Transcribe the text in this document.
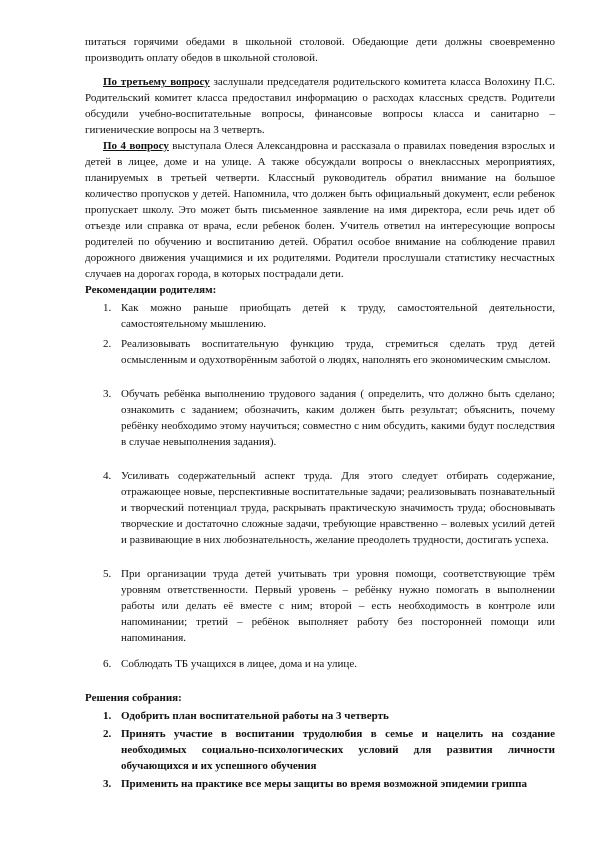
питаться горячими обедами в школьной столовой. Обедающие дети должны своевременно производить оплату обедов в школьной столовой.

По третьему вопросу заслушали председателя родительского комитета класса Волохину П.С. Родительский комитет класса предоставил информацию о расходах классных средств. Родители обсудили учебно-воспитательные вопросы, финансовые вопросы класса и санитарно – гигиенические вопросы на 3 четверть.

По 4 вопросу выступала Олеся Александровна и рассказала о правилах поведения взрослых и детей в лицее, доме и на улице. А также обсуждали вопросы о внеклассных мероприятиях, планируемых в третьей четверти. Классный руководитель обратил внимание на большое количество пропусков у детей. Напомнила, что должен быть официальный документ, если ребенок пропускает школу. Это может быть письменное заявление на имя директора, если речь идет об отъезде или справка от врача, если ребенок болен. Учитель ответил на интересующие вопросы родителей по обучению и воспитанию детей. Обратил особое внимание на соблюдение правил дорожного движения учащимися и их родителями. Родители прослушали статистику несчастных случаев на дорогах города, в которых пострадали дети.

Рекомендации родителям:

1. Как можно раньше приобщать детей к труду, самостоятельной деятельности, самостоятельному мышлению.
2. Реализовывать воспитательную функцию труда, стремиться сделать труд детей осмысленным и одухотворённым заботой о людях, наполнять его экономическим смыслом.
3. Обучать ребёнка выполнению трудового задания ( определить, что должно быть сделано; ознакомить с заданием; обозначить, каким должен быть результат; объяснить, почему ребёнку необходимо этому научиться; совместно с ним обсудить, какими будут последствия в случае невыполнения задания).
4. Усиливать содержательный аспект труда. Для этого следует отбирать содержание, отражающее новые, перспективные воспитательные задачи; реализовывать познавательный и творческий потенциал труда, раскрывать практическую значимость труда; обосновывать творческие и достаточно сложные задачи, требующие нравственно – волевых усилий детей и развивающие в них любознательность, желание преодолеть трудности, достигать успеха.
5. При организации труда детей учитывать три уровня помощи, соответствующие трём уровням ответственности. Первый уровень – ребёнку нужно помогать в выполнении работы или делать её вместе с ним; второй – есть необходимость в контроле или напоминании; третий – ребёнок выполняет работу без посторонней помощи или напоминания.
6. Соблюдать ТБ учащихся в лицее, дома и на улице.

Решения собрания:

1. Одобрить план воспитательной работы на 3 четверть
2. Принять участие в воспитании трудолюбия в семье и нацелить на создание необходимых социально-психологических условий для развития личности обучающихся и их успешного обучения
3. Применить на практике все меры защиты во время возможной эпидемии гриппа
